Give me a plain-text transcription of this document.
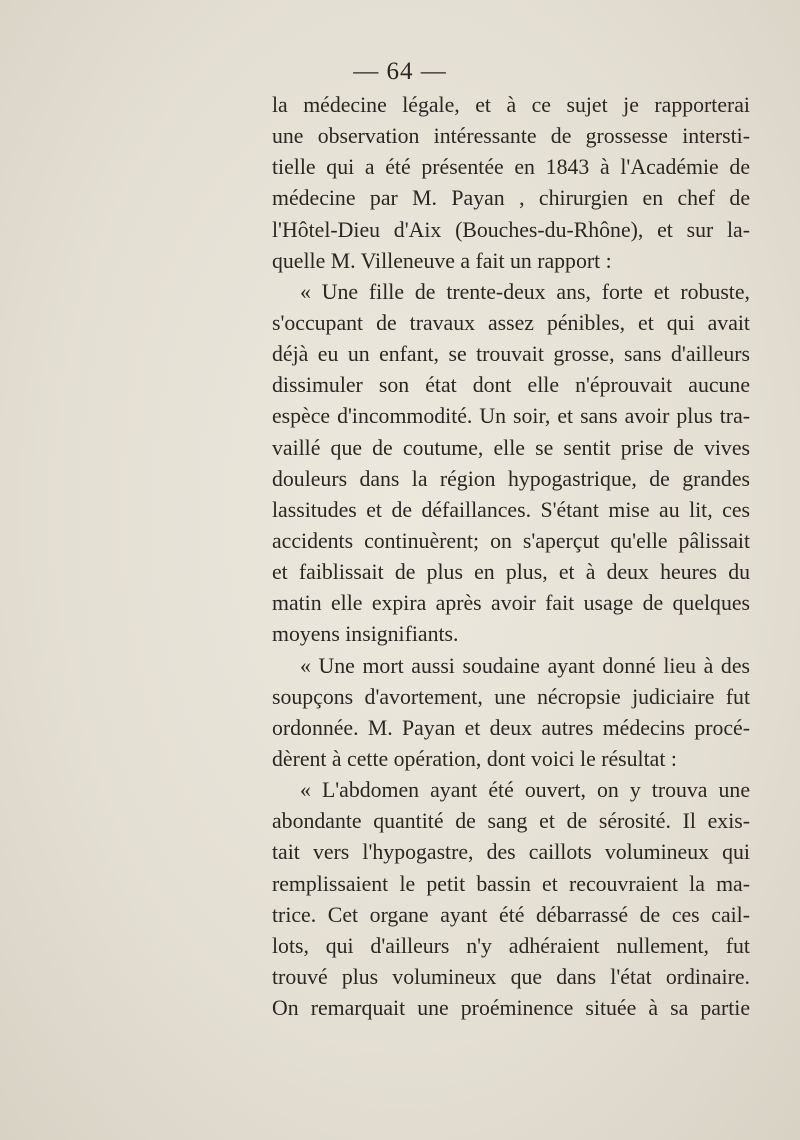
— 64 —
la médecine légale, et à ce sujet je rapporterai
une observation intéressante de grossesse intersti-
tielle qui a été présentée en 1843 à l'Académie de
médecine par M. Payan , chirurgien en chef de
l'Hôtel-Dieu d'Aix (Bouches-du-Rhône), et sur la-
quelle M. Villeneuve a fait un rapport :
« Une fille de trente-deux ans, forte et robuste,
s'occupant de travaux assez pénibles, et qui avait
déjà eu un enfant, se trouvait grosse, sans d'ailleurs
dissimuler son état dont elle n'éprouvait aucune
espèce d'incommodité. Un soir, et sans avoir plus tra-
vaillé que de coutume, elle se sentit prise de vives
douleurs dans la région hypogastrique, de grandes
lassitudes et de défaillances. S'étant mise au lit, ces
accidents continuèrent; on s'aperçut qu'elle pâlissait
et faiblissait de plus en plus, et à deux heures du
matin elle expira après avoir fait usage de quelques
moyens insignifiants.
« Une mort aussi soudaine ayant donné lieu à des
soupçons d'avortement, une nécropsie judiciaire fut
ordonnée. M. Payan et deux autres médecins procé-
dèrent à cette opération, dont voici le résultat :
« L'abdomen ayant été ouvert, on y trouva une
abondante quantité de sang et de sérosité. Il exis-
tait vers l'hypogastre, des caillots volumineux qui
remplissaient le petit bassin et recouvraient la ma-
trice. Cet organe ayant été débarrassé de ces cail-
lots, qui d'ailleurs n'y adhéraient nullement, fut
trouvé plus volumineux que dans l'état ordinaire.
On remarquait une proéminence située à sa partie
